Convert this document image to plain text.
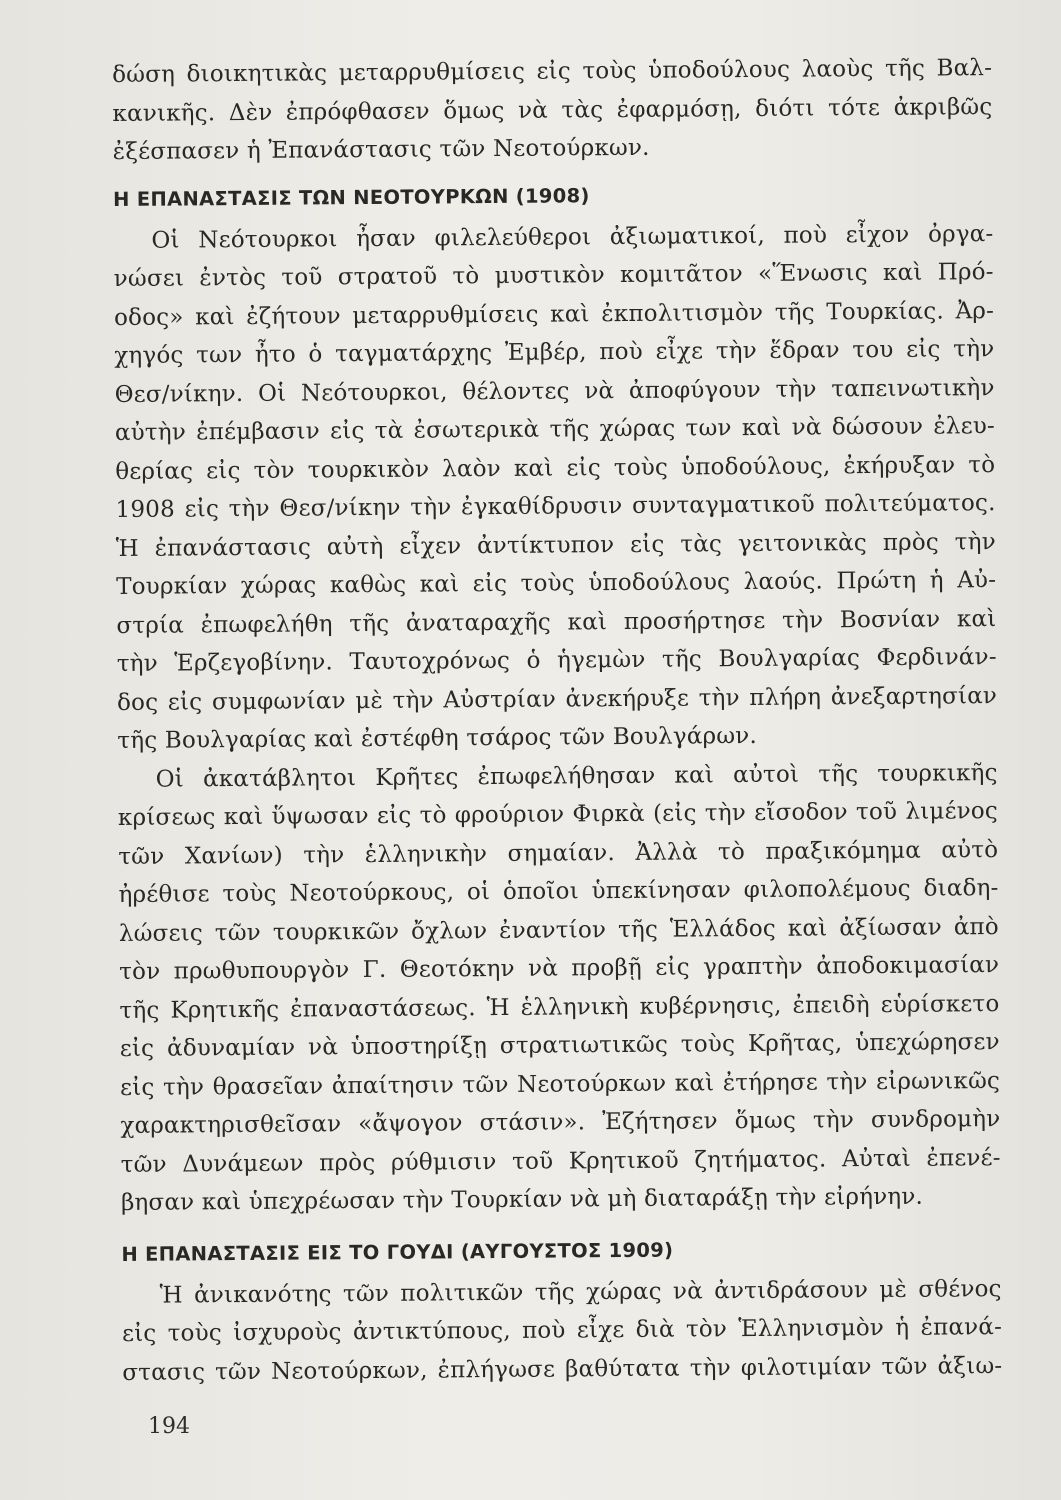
δώση διοικητικὰς μεταρρυθμίσεις εἰς τοὺς ὑποδούλους λαοὺς τῆς Βαλ-
κανικῆς. Δὲν ἐπρόφθασεν ὅμως νὰ τὰς ἐφαρμόσῃ, διότι τότε ἀκριβῶς
ἐξέσπασεν ἡ Ἐπανάστασις τῶν Νεοτούρκων.
Η ΕΠΑΝΑΣΤΑΣΙΣ ΤΩΝ ΝΕΟΤΟΥΡΚΩΝ (1908)
Οἱ Νεότουρκοι ἦσαν φιλελεύθεροι ἀξιωματικοί, ποὺ εἶχον ὀργα-
νώσει ἐντὸς τοῦ στρατοῦ τὸ μυστικὸν κομιτᾶτον «Ἕνωσις καὶ Πρό-
οδος» καὶ ἐζήτουν μεταρρυθμίσεις καὶ ἐκπολιτισμὸν τῆς Τουρκίας. Ἀρ-
χηγός των ἦτο ὁ ταγματάρχης Ἐμβέρ, ποὺ εἶχε τὴν ἕδραν του εἰς τὴν
Θεσ/νίκην. Οἱ Νεότουρκοι, θέλοντες νὰ ἀποφύγουν τὴν ταπεινωτικὴν
αὐτὴν ἐπέμβασιν εἰς τὰ ἐσωτερικὰ τῆς χώρας των καὶ νὰ δώσουν ἐλευ-
θερίας εἰς τὸν τουρκικὸν λαὸν καὶ εἰς τοὺς ὑποδούλους, ἐκήρυξαν τὸ
1908 εἰς τὴν Θεσ/νίκην τὴν ἐγκαθίδρυσιν συνταγματικοῦ πολιτεύματος.
Ἡ ἐπανάστασις αὐτὴ εἶχεν ἀντίκτυπον εἰς τὰς γειτονικὰς πρὸς τὴν
Τουρκίαν χώρας καθὼς καὶ εἰς τοὺς ὑποδούλους λαούς. Πρώτη ἡ Αὐ-
στρία ἐπωφελήθη τῆς ἀναταραχῆς καὶ προσήρτησε τὴν Βοσνίαν καὶ
τὴν Ἑρζεγοβίνην. Ταυτοχρόνως ὁ ἡγεμὼν τῆς Βουλγαρίας Φερδινάν-
δος εἰς συμφωνίαν μὲ τὴν Αὐστρίαν ἀνεκήρυξε τὴν πλήρη ἀνεξαρτησίαν
τῆς Βουλγαρίας καὶ ἐστέφθη τσάρος τῶν Βουλγάρων.
Οἱ ἀκατάβλητοι Κρῆτες ἐπωφελήθησαν καὶ αὐτοὶ τῆς τουρκικῆς
κρίσεως καὶ ὕψωσαν εἰς τὸ φρούριον Φιρκὰ (εἰς τὴν εἴσοδον τοῦ λιμένος
τῶν Χανίων) τὴν ἑλληνικὴν σημαίαν. Ἀλλὰ τὸ πραξικόμημα αὐτὸ
ἠρέθισε τοὺς Νεοτούρκους, οἱ ὁποῖοι ὑπεκίνησαν φιλοπολέμους διαδη-
λώσεις τῶν τουρκικῶν ὄχλων ἐναντίον τῆς Ἑλλάδος καὶ ἀξίωσαν ἀπὸ
τὸν πρωθυπουργὸν Γ. Θεοτόκην νὰ προβῇ εἰς γραπτὴν ἀποδοκιμασίαν
τῆς Κρητικῆς ἐπαναστάσεως. Ἡ ἑλληνικὴ κυβέρνησις, ἐπειδὴ εὑρίσκετο
εἰς ἀδυναμίαν νὰ ὑποστηρίξῃ στρατιωτικῶς τοὺς Κρῆτας, ὑπεχώρησεν
εἰς τὴν θρασεῖαν ἀπαίτησιν τῶν Νεοτούρκων καὶ ἐτήρησε τὴν εἰρωνικῶς
χαρακτηρισθεῖσαν «ἄψογον στάσιν». Ἐζήτησεν ὅμως τὴν συνδρομὴν
τῶν Δυνάμεων πρὸς ρύθμισιν τοῦ Κρητικοῦ ζητήματος. Αὐταὶ ἐπενέ-
βησαν καὶ ὑπεχρέωσαν τὴν Τουρκίαν νὰ μὴ διαταράξῃ τὴν εἰρήνην.
Η ΕΠΑΝΑΣΤΑΣΙΣ ΕΙΣ ΤΟ ΓΟΥΔΙ (ΑΥΓΟΥΣΤΟΣ 1909)
Ἡ ἀνικανότης τῶν πολιτικῶν τῆς χώρας νὰ ἀντιδράσουν μὲ σθένος
εἰς τοὺς ἰσχυροὺς ἀντικτύπους, ποὺ εἶχε διὰ τὸν Ἑλληνισμὸν ἡ ἐπανά-
στασις τῶν Νεοτούρκων, ἐπλήγωσε βαθύτατα τὴν φιλοτιμίαν τῶν ἀξιω-
194
